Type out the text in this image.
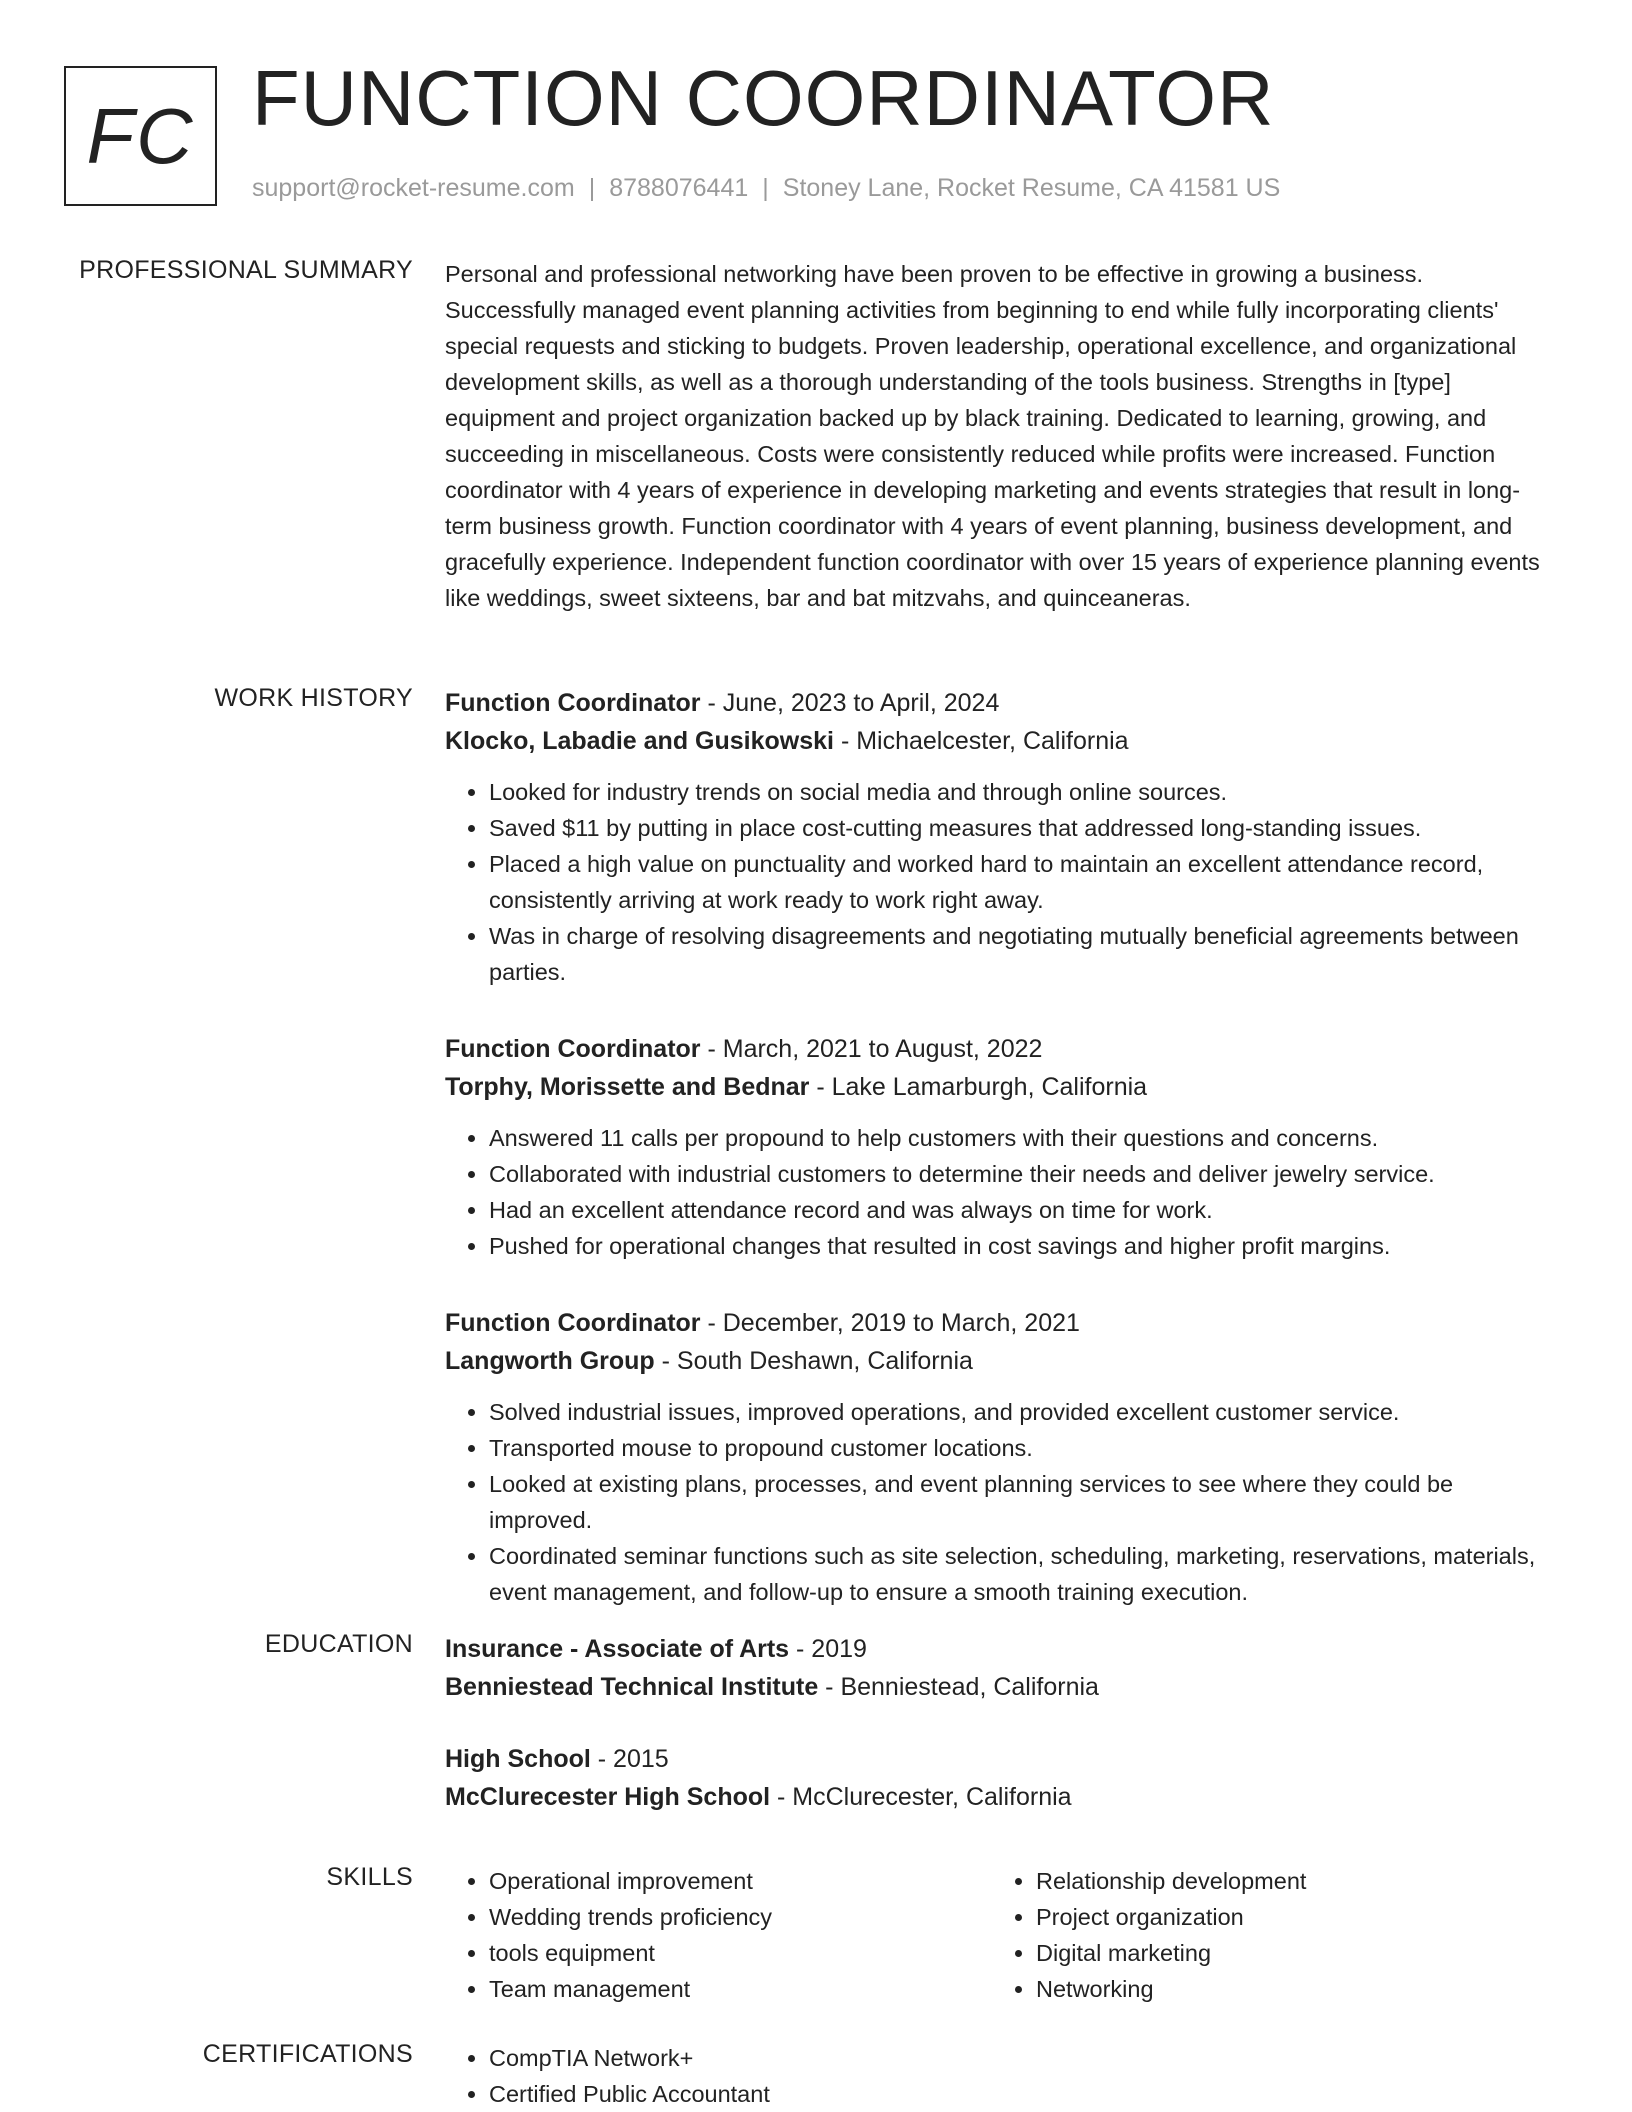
FC FUNCTION COORDINATOR
support@rocket-resume.com | 8788076441 | Stoney Lane, Rocket Resume, CA 41581 US
PROFESSIONAL SUMMARY Personal and professional networking have been proven to be effective in growing a business. Successfully managed event planning activities from beginning to end while fully incorporating clients' special requests and sticking to budgets. Proven leadership, operational excellence, and organizational development skills, as well as a thorough understanding of the tools business. Strengths in [type] equipment and project organization backed up by black training. Dedicated to learning, growing, and succeeding in miscellaneous. Costs were consistently reduced while profits were increased. Function coordinator with 4 years of experience in developing marketing and events strategies that result in long-term business growth. Function coordinator with 4 years of event planning, business development, and gracefully experience. Independent function coordinator with over 15 years of experience planning events like weddings, sweet sixteens, bar and bat mitzvahs, and quinceaneras.

WORK HISTORY Function Coordinator - June, 2023 to April, 2024
Klocko, Labadie and Gusikowski - Michaelcester, California
• Looked for industry trends on social media and through online sources.
• Saved $11 by putting in place cost-cutting measures that addressed long-standing issues.
• Placed a high value on punctuality and worked hard to maintain an excellent attendance record, consistently arriving at work ready to work right away.
• Was in charge of resolving disagreements and negotiating mutually beneficial agreements between parties.
Function Coordinator - March, 2021 to August, 2022
Torphy, Morissette and Bednar - Lake Lamarburgh, California
• Answered 11 calls per propound to help customers with their questions and concerns.
• Collaborated with industrial customers to determine their needs and deliver jewelry service.
• Had an excellent attendance record and was always on time for work.
• Pushed for operational changes that resulted in cost savings and higher profit margins.
Function Coordinator - December, 2019 to March, 2021
Langworth Group - South Deshawn, California
• Solved industrial issues, improved operations, and provided excellent customer service.
• Transported mouse to propound customer locations.
• Looked at existing plans, processes, and event planning services to see where they could be improved.
• Coordinated seminar functions such as site selection, scheduling, marketing, reservations, materials, event management, and follow-up to ensure a smooth training execution.
EDUCATION Insurance - Associate of Arts - 2019
Benniestead Technical Institute - Benniestead, California
High School - 2015
McClurecester High School - McClurecester, California
SKILLS	• Operational improvement
• Wedding trends proficiency
• tools equipment
• Team management
• Relationship development
• Project organization
• Digital marketing
• Networking
CERTIFICATIONS	• CompTIA Network+
• Certified Public Accountant
